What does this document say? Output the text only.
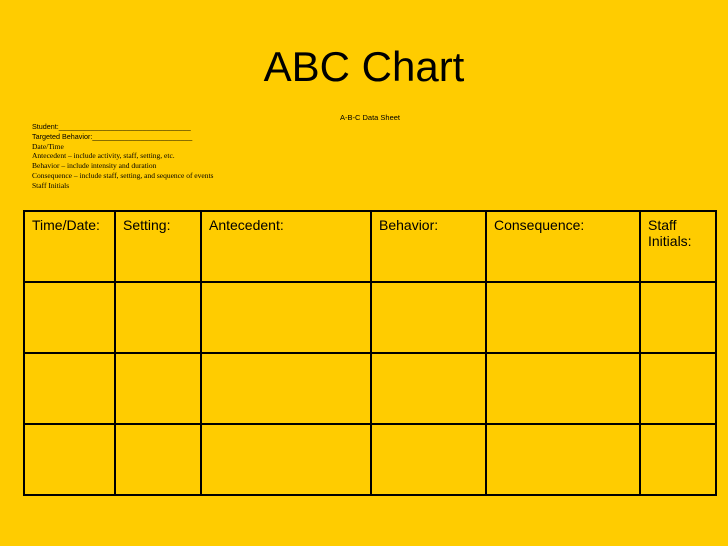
ABC Chart
A-B-C Data Sheet
Student:_________________________________
Targeted Behavior:_________________________
Date/Time
Antecedent – include activity, staff, setting, etc.
Behavior – include intensity and duration
Consequence – include staff, setting, and sequence of events
Staff Initials
Time/Date:	Setting:	Antecedent:	Behavior:	Consequence:	Staff Initials:
